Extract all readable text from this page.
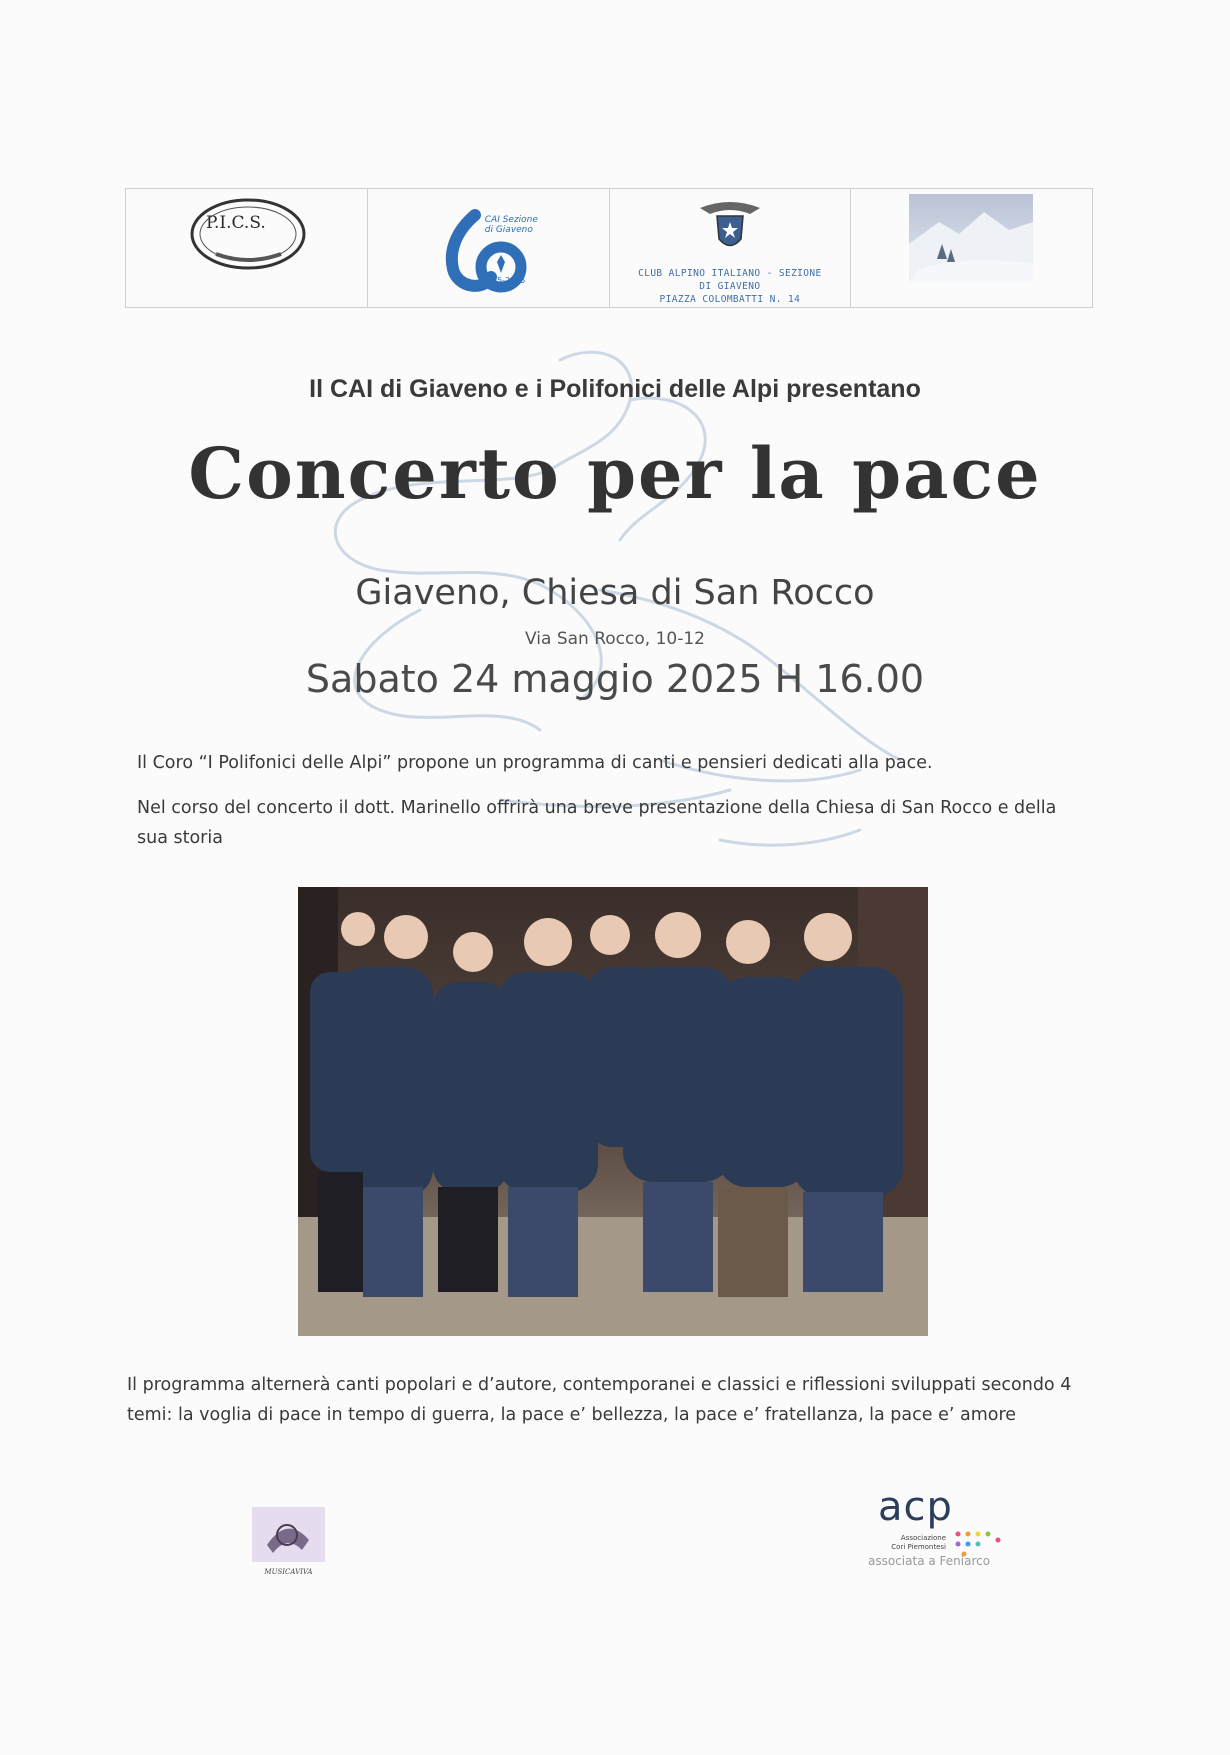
P.I.C.S.	CAI Sezione
di Giaveno
1965-2025
CLUB ALPINO ITALIANO - SEZIONE
DI GIAVENO
PIAZZA COLOMBATTI N. 14
Il CAI di Giaveno e i Polifonici delle Alpi presentano
Concerto per la pace
Giaveno, Chiesa di San Rocco
Via San Rocco, 10-12
Sabato 24 maggio 2025 H 16.00
Il Coro “I Polifonici delle Alpi” propone un programma di canti e pensieri dedicati alla pace.
Nel corso del concerto il dott. Marinello offrirà una breve presentazione della Chiesa di San Rocco e della sua storia
Il programma alternerà canti popolari e d’autore, contemporanei e classici e riflessioni sviluppati secondo 4 temi: la voglia di pace in tempo di guerra, la pace e’ bellezza, la pace e’ fratellanza, la pace e’ amore
MUSICAVIVA
acp
Associazione
Cori Piemontesi
associata a Feniarco
